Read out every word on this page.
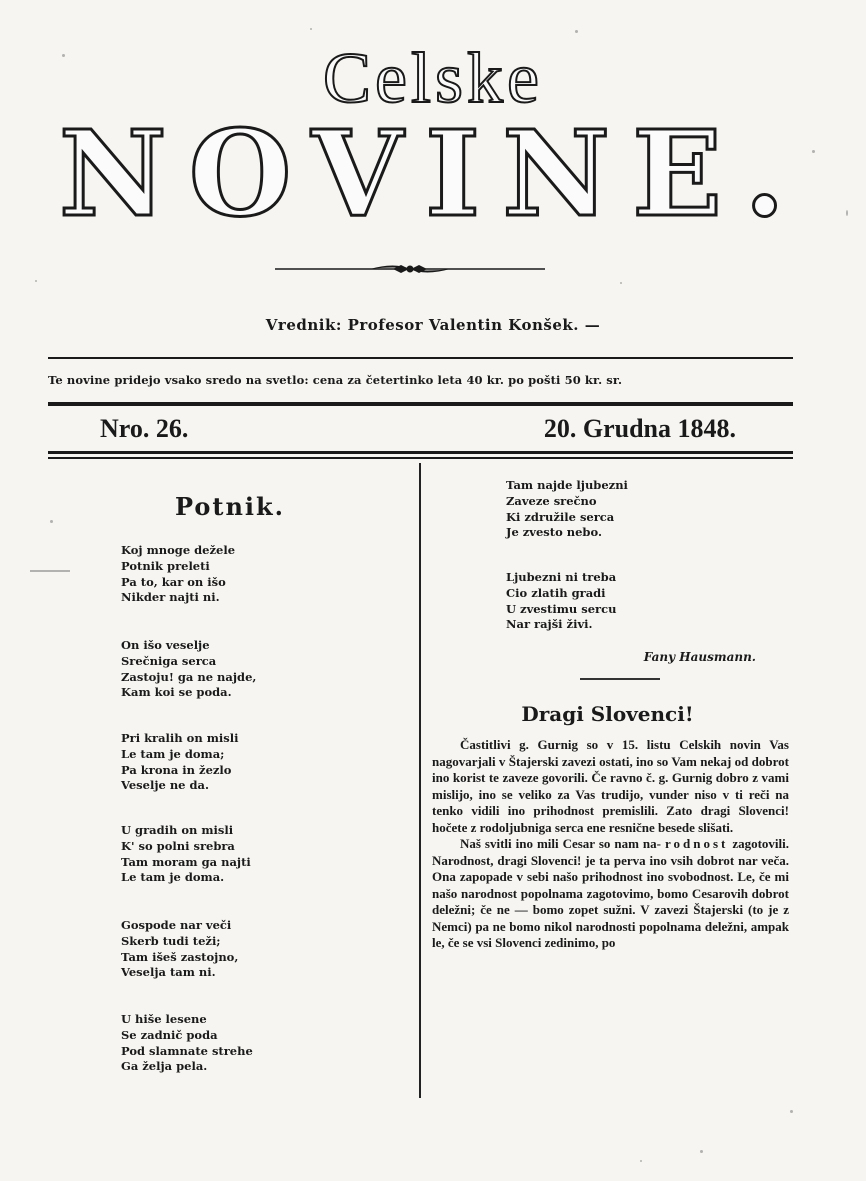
Celske
NOVINE.
Vrednik: Profesor Valentin Konšek. —
Te novine pridejo vsako sredo na svetlo: cena za četertinko leta 40 kr. po pošti 50 kr. sr.
Nro. 26.	20. Grudna 1848.
Potnik.
Koj mnoge dežele
Potnik preleti
Pa to, kar on išo
Nikder najti ni.
On išo veselje
Srečniga serca
Zastoju! ga ne najde,
Kam koi se poda.
Pri kralih on misli
Le tam je doma;
Pa krona in žezlo
Veselje ne da.
U gradih on misli
K' so polni srebra
Tam moram ga najti
Le tam je doma.
Gospode nar veči
Skerb tudi teži;
Tam išeš zastojno,
Veselja tam ni.
U hiše lesene
Se zadnič poda
Pod slamnate strehe
Ga želja pela.
Tam najde ljubezni
Zaveze srečno
Ki združile serca
Je zvesto nebo.
Ljubezni ni treba
Cio zlatih gradi
U zvestimu sercu
Nar rajši živi.
Fany Hausmann.
Dragi Slovenci!

Častitlivi g. Gurnig so v 15. listu Celskih novin Vas nagovarjali v Štajerski zavezi ostati, ino so Vam nekaj od dobrot ino korist te zaveze govorili. Če ravno č. g. Gurnig dobro z vami mislijo, ino se veliko za Vas trudijo, vunder niso v ti reči na tenko vidili ino prihodnost premislili. Zato dragi Slovenci! hočete z rodoljubniga serca ene resnične besede slišati.

Naš svitli ino mili Cesar so nam na- rodnost zagotovili. Narodnost, dragi Slovenci! je ta perva ino vsih dobrot nar veča. Ona zapopade v sebi našo prihodnost ino svobodnost. Le, če mi našo narodnost popolnama zagotovimo, bomo Cesarovih dobrot deležni; če ne — bomo zopet sužni. V zavezi Štajerski (to je z Nemci) pa ne bomo nikol narodnosti popolnama deležni, ampak le, če se vsi Slovenci zedinimo, po
